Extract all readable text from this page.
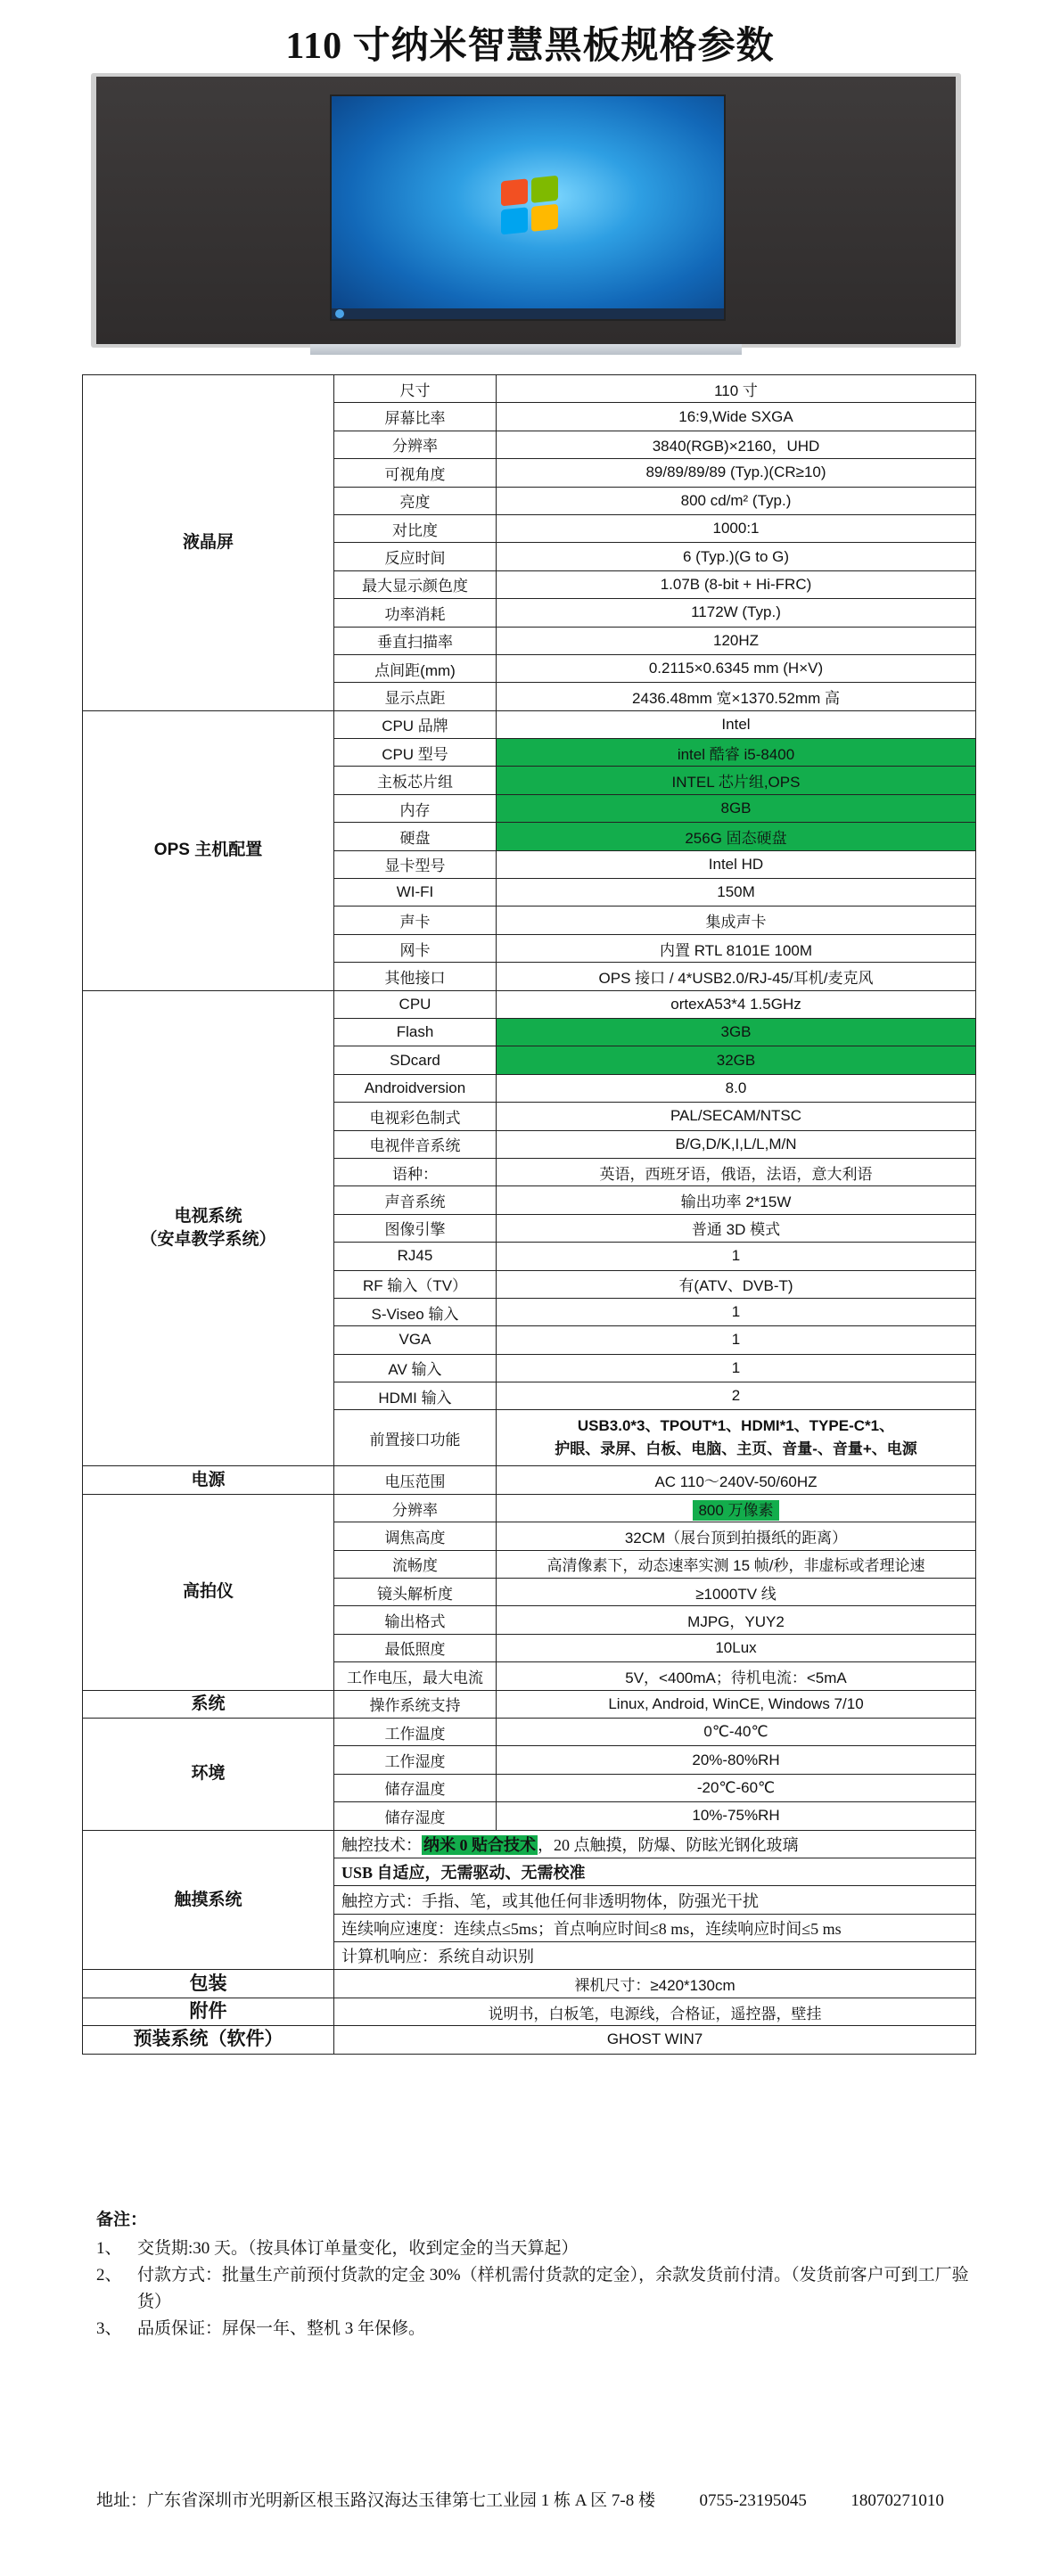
110 寸纳米智慧黑板规格参数
液晶屏	尺寸	110 寸
	屏幕比率	16:9,Wide SXGA
	分辨率	3840(RGB)×2160，UHD
	可视角度	89/89/89/89 (Typ.)(CR≥10)
	亮度	800 cd/m² (Typ.)
	对比度	1000:1
	反应时间	6 (Typ.)(G to G)
	最大显示颜色度	1.07B (8-bit + Hi-FRC)
	功率消耗	1172W (Typ.)
	垂直扫描率	120HZ
	点间距(mm)	0.2115×0.6345 mm (H×V)
	显示点距	2436.48mm 宽×1370.52mm 高

OPS 主机配置	CPU 品牌	Intel
	CPU 型号	intel 酷睿 i5-8400
	主板芯片组	INTEL 芯片组,OPS
	内存	8GB
	硬盘	256G 固态硬盘
	显卡型号	Intel HD
	WI-FI	150M
	声卡	集成声卡
	网卡	内置 RTL 8101E 100M
	其他接口	OPS 接口 / 4*USB2.0/RJ-45/耳机/麦克风

电视系统
（安卓教学系统）	CPU	ortexA53*4 1.5GHz
	Flash	3GB
	SDcard	32GB
	Androidversion	8.0
	电视彩色制式	PAL/SECAM/NTSC
	电视伴音系统	B/G,D/K,I,L/L,M/N
	语种：	英语，西班牙语，俄语，法语，意大利语
	声音系统	输出功率 2*15W
	图像引擎	普通 3D 模式
	RJ45	1
	RF 输入（TV）	有(ATV、DVB-T)
	S-Viseo 输入	1
	VGA	1
	AV 输入	1
	HDMI 输入	2
	前置接口功能	USB3.0*3、TPOUT*1、HDMI*1、TYPE-C*1、
护眼、录屏、白板、电脑、主页、音量-、音量+、电源

电源	电压范围	AC 110～240V-50/60HZ

高拍仪	分辨率	800 万像素
	调焦高度	32CM（展台顶到拍摄纸的距离）
	流畅度	高清像素下，动态速率实测 15 帧/秒，非虚标或者理论速
	镜头解析度	≥1000TV 线
	输出格式	MJPG，YUY2
	最低照度	10Lux
	工作电压，最大电流	5V，<400mA；待机电流：<5mA

系统	操作系统支持	Linux, Android, WinCE, Windows 7/10

环境	工作温度	0℃-40℃
	工作湿度	20%-80%RH
	储存温度	-20℃-60℃
	储存湿度	10%-75%RH
触摸系统	触控技术： 纳米 0 贴合技术 ，20 点触摸，防爆、防眩光钢化玻璃	
	USB 自适应，无需驱动、无需校准	
	触控方式：手指、笔，或其他任何非透明物体，防强光干扰	
	连续响应速度：连续点≤5ms；首点响应时间≤8 ms，连续响应时间≤5 ms	
	计算机响应：系统自动识别	
包装	裸机尺寸：≥420*130cm	
附件	说明书，白板笔，电源线，合格证，遥控器，壁挂	
预装系统（软件）	GHOST WIN7	
备注：
1、 交货期:30 天。（按具体订单量变化，收到定金的当天算起）
2、 付款方式：批量生产前预付货款的定金 30%（样机需付货款的定金），余款发货前付清。（发货前客户可到工厂验货）
3、 品质保证：屏保一年、整机 3 年保修。
地址：广东省深圳市光明新区根玉路汉海达玉律第七工业园 1 栋 A 区 7-8 楼	0755-23195045	18070271010
